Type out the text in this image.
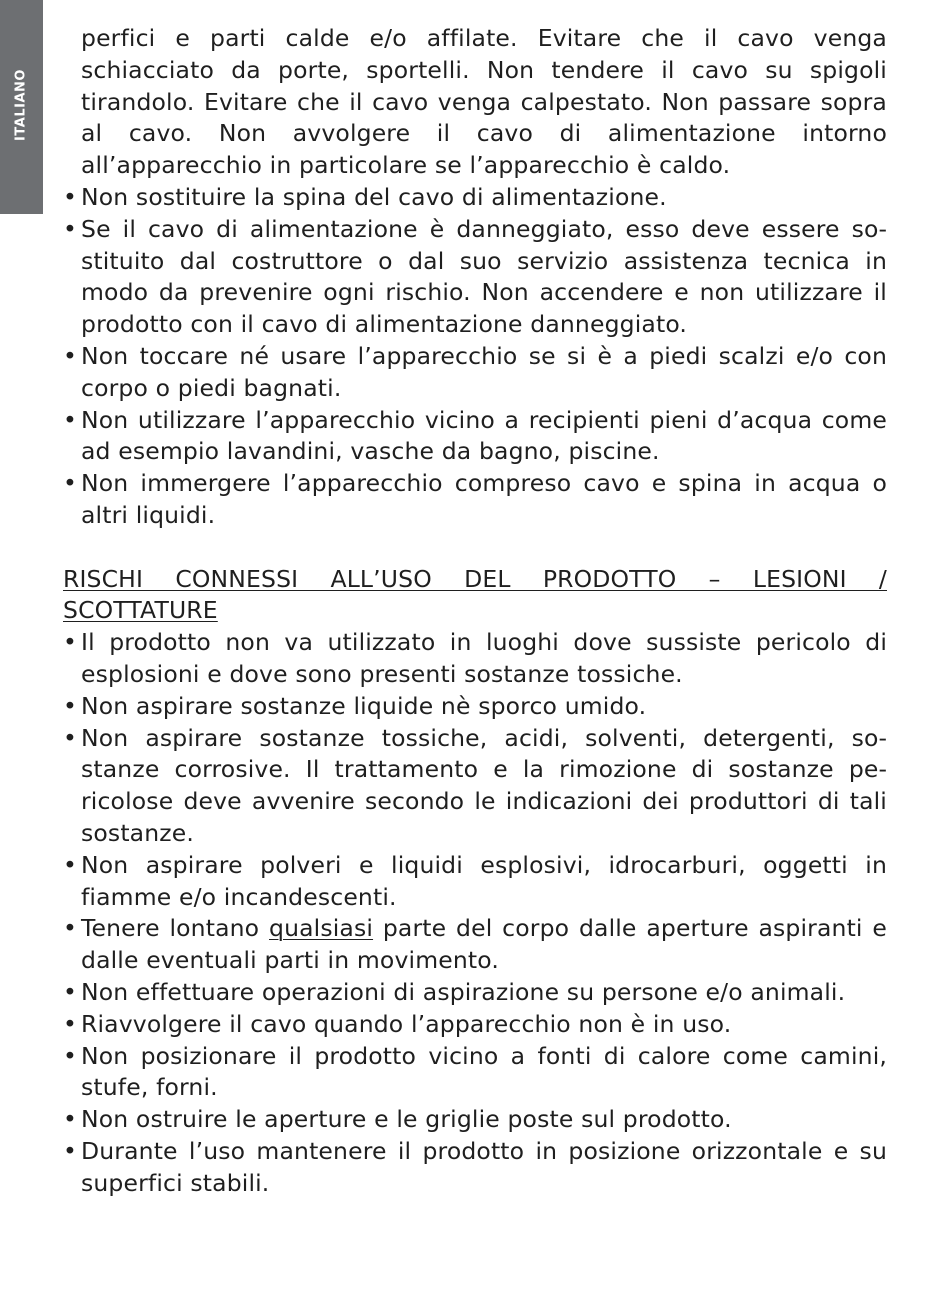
ITALIANO

perfici e parti calde e/o affilate. Evitare che il cavo venga schiacciato da porte, sportelli. Non tendere il cavo su spigoli tirandolo. Evitare che il cavo venga calpestato. Non passare sopra al cavo. Non avvolgere il cavo di alimentazione intorno all’apparecchio in particolare se l’apparecchio è caldo.

• Non sostituire la spina del cavo di alimentazione.
• Se il cavo di alimentazione è danneggiato, esso deve essere sostituito dal costruttore o dal suo servizio assistenza tecnica in modo da prevenire ogni rischio. Non accendere e non utilizzare il prodotto con il cavo di alimentazione danneggiato.
• Non toccare né usare l’apparecchio se si è a piedi scalzi e/o con corpo o piedi bagnati.
• Non utilizzare l’apparecchio vicino a recipienti pieni d’acqua come ad esempio lavandini, vasche da bagno, piscine.
• Non immergere l’apparecchio compreso cavo e spina in acqua o altri liquidi.

RISCHI CONNESSI ALL’USO DEL PRODOTTO – LESIONI /

SCOTTATURE

• Il prodotto non va utilizzato in luoghi dove sussiste pericolo di esplosioni e dove sono presenti sostanze tossiche.
• Non aspirare sostanze liquide nè sporco umido.
• Non aspirare sostanze tossiche, acidi, solventi, detergenti, sostanze corrosive. Il trattamento e la rimozione di sostanze pericolose deve avvenire secondo le indicazioni dei produttori di tali sostanze.
• Non aspirare polveri e liquidi esplosivi, idrocarburi, oggetti in fiamme e/o incandescenti.
• Tenere lontano qualsiasi parte del corpo dalle aperture aspiranti e dalle eventuali parti in movimento.
• Non effettuare operazioni di aspirazione su persone e/o animali.
• Riavvolgere il cavo quando l’apparecchio non è in uso.
• Non posizionare il prodotto vicino a fonti di calore come camini, stufe, forni.
• Non ostruire le aperture e le griglie poste sul prodotto.
• Durante l’uso mantenere il prodotto in posizione orizzontale e su superfici stabili.
